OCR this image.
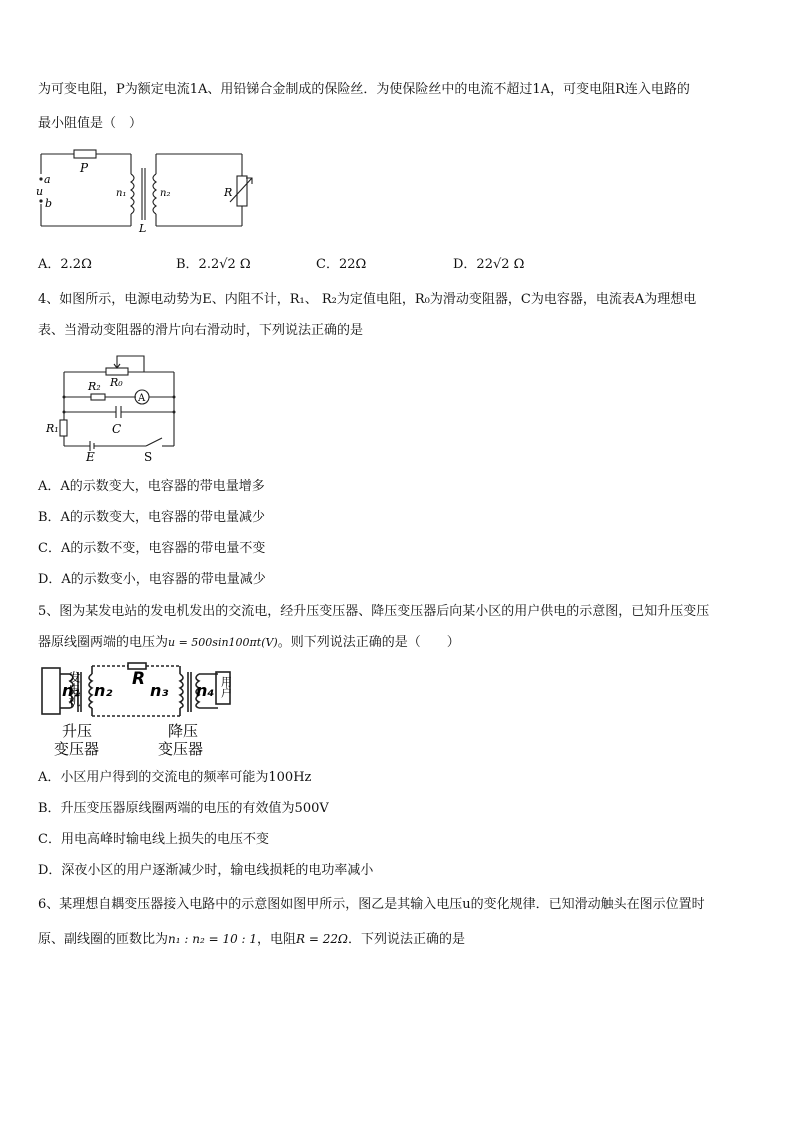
为可变电阻，P为额定电流1A、用铅锑合金制成的保险丝．为使保险丝中的电流不超过1A，可变电阻R连入电路的
最小阻值是（　）
P
a
u
b
n₁	n₂	R
L
A．2.2Ω	B．2.2√2 Ω	C．22Ω	D．22√2 Ω
4、如图所示，电源电动势为E、内阻不计，R₁、 R₂为定值电阻，R₀为滑动变阻器，C为电容器，电流表A为理想电
表、当滑动变阻器的滑片向右滑动时，下列说法正确的是
R₀
R₂
A
C
R₁
E	S
A．A的示数变大，电容器的带电量增多
B．A的示数变大，电容器的带电量减少
C．A的示数不变，电容器的带电量不变
D．A的示数变小，电容器的带电量减少
5、图为某发电站的发电机发出的交流电，经升压变压器、降压变压器后向某小区的用户供电的示意图，已知升压变压
器原线圈两端的电压为u = 500sin100πt(V)。则下列说法正确的是（　　）
发电机
n₁ n₂
R
n₃ n₄ 用户
升压
变压器
降压
变压器
A．小区用户得到的交流电的频率可能为100Hz
B．升压变压器原线圈两端的电压的有效值为500V
C．用电高峰时输电线上损失的电压不变
D．深夜小区的用户逐渐减少时，输电线损耗的电功率减小
6、某理想自耦变压器接入电路中的示意图如图甲所示，图乙是其输入电压u的变化规律．已知滑动触头在图示位置时
原、副线圈的匝数比为n₁ : n₂ = 10 : 1，电阻R = 22Ω．下列说法正确的是
